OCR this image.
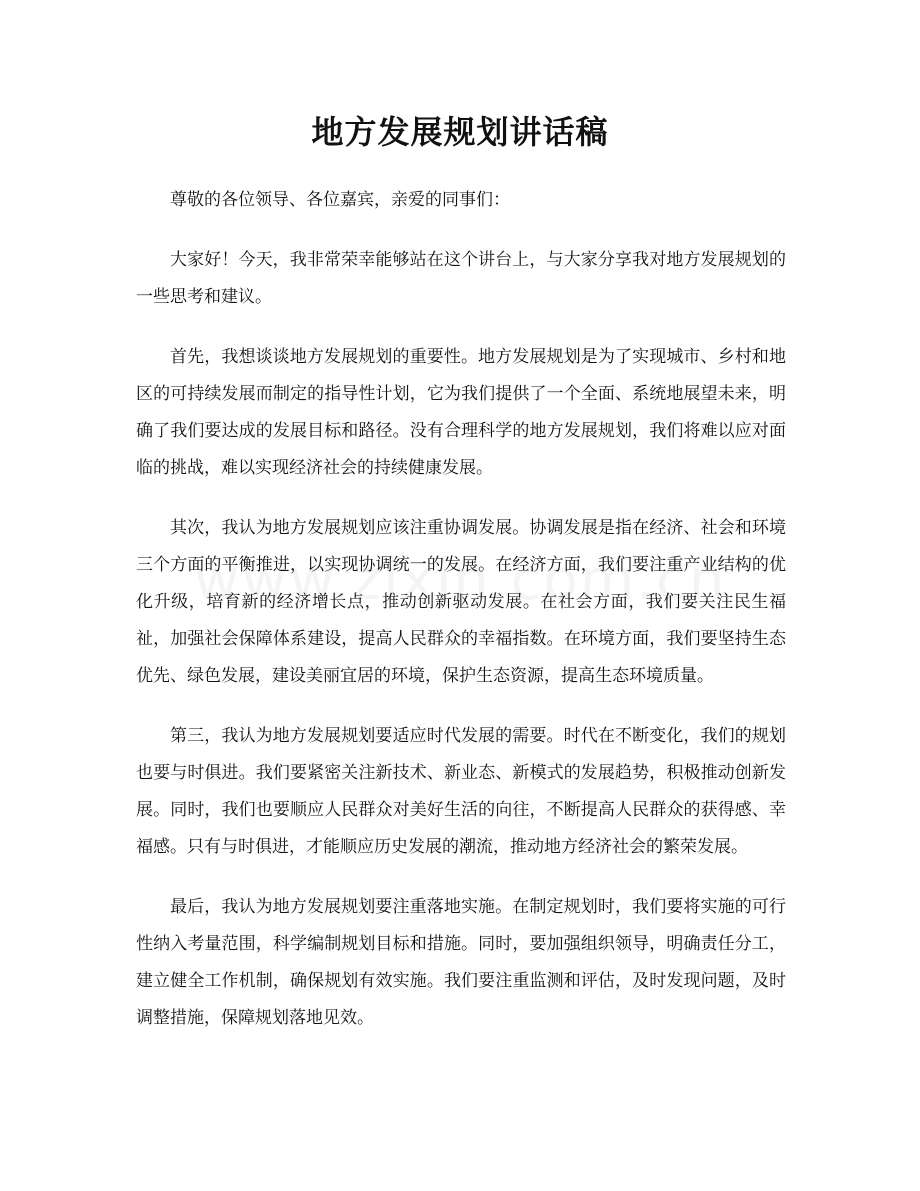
地方发展规划讲话稿

尊敬的各位领导、各位嘉宾，亲爱的同事们：

大家好！今天，我非常荣幸能够站在这个讲台上，与大家分享我对地方发展规划的一些思考和建议。

首先，我想谈谈地方发展规划的重要性。地方发展规划是为了实现城市、乡村和地区的可持续发展而制定的指导性计划，它为我们提供了一个全面、系统地展望未来，明确了我们要达成的发展目标和路径。没有合理科学的地方发展规划，我们将难以应对面临的挑战，难以实现经济社会的持续健康发展。

其次，我认为地方发展规划应该注重协调发展。协调发展是指在经济、社会和环境三个方面的平衡推进，以实现协调统一的发展。在经济方面，我们要注重产业结构的优化升级，培育新的经济增长点，推动创新驱动发展。在社会方面，我们要关注民生福祉，加强社会保障体系建设，提高人民群众的幸福指数。在环境方面，我们要坚持生态优先、绿色发展，建设美丽宜居的环境，保护生态资源，提高生态环境质量。

第三，我认为地方发展规划要适应时代发展的需要。时代在不断变化，我们的规划也要与时俱进。我们要紧密关注新技术、新业态、新模式的发展趋势，积极推动创新发展。同时，我们也要顺应人民群众对美好生活的向往，不断提高人民群众的获得感、幸福感。只有与时俱进，才能顺应历史发展的潮流，推动地方经济社会的繁荣发展。

最后，我认为地方发展规划要注重落地实施。在制定规划时，我们要将实施的可行性纳入考量范围，科学编制规划目标和措施。同时，要加强组织领导，明确责任分工，建立健全工作机制，确保规划有效实施。我们要注重监测和评估，及时发现问题，及时调整措施，保障规划落地见效。
